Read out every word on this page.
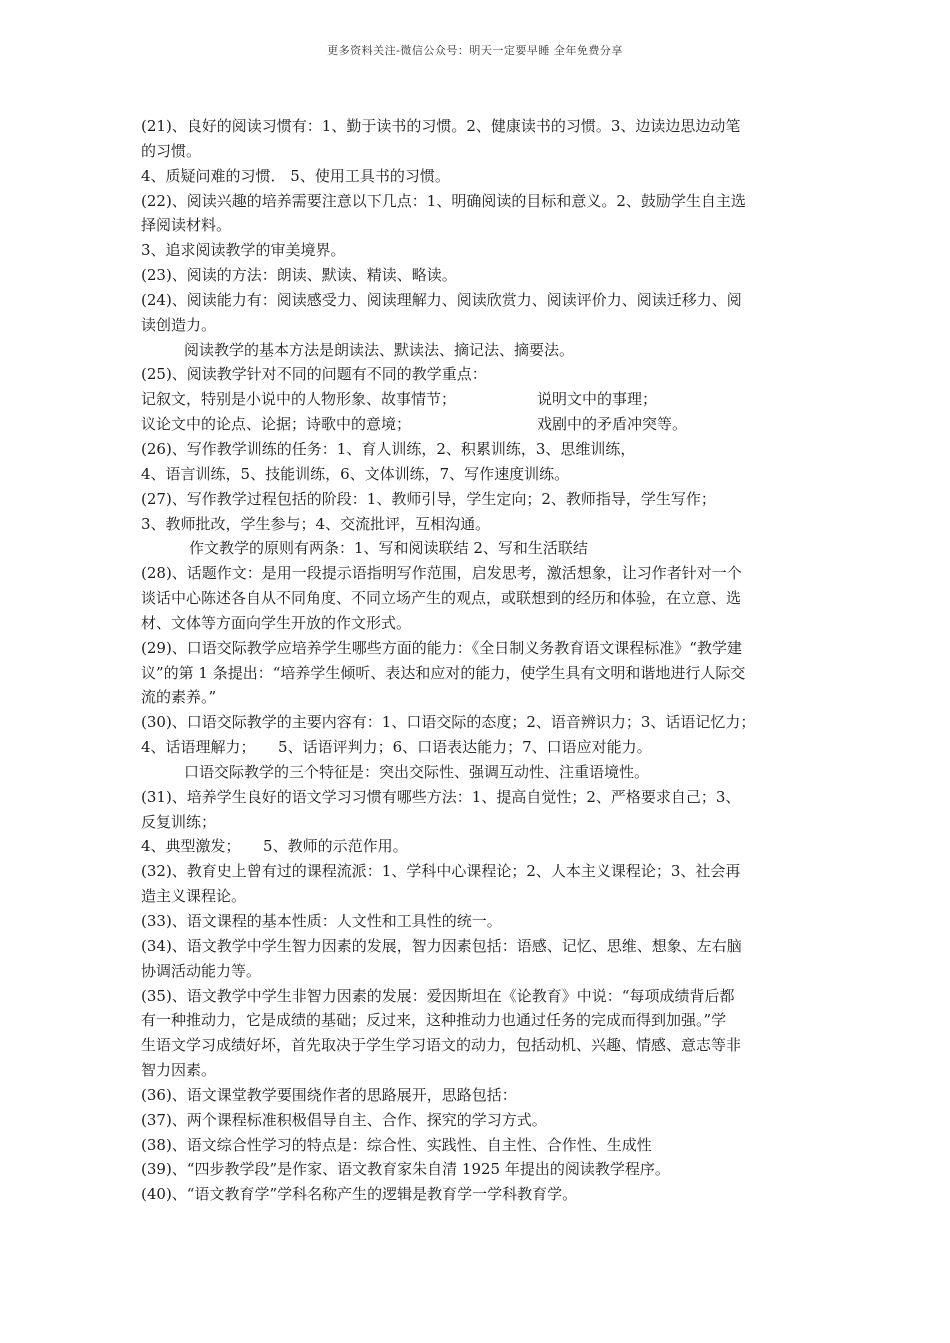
更多资料关注-微信公众号：明天一定要早睡 全年免费分享
(21)、良好的阅读习惯有：1、勤于读书的习惯。2、健康读书的习惯。3、边读边思边动笔
的习惯。
4、质疑问难的习惯． 5、使用工具书的习惯。
(22)、阅读兴趣的培养需要注意以下几点：1、明确阅读的目标和意义。2、鼓励学生自主选
择阅读材料。
3、追求阅读教学的审美境界。
(23)、阅读的方法：朗读、默读、精读、略读。
(24)、阅读能力有：阅读感受力、阅读理解力、阅读欣赏力、阅读评价力、阅读迁移力、阅
读创造力。
阅读教学的基本方法是朗读法、默读法、摘记法、摘要法。
(25)、阅读教学针对不同的问题有不同的教学重点：
记叙文，特别是小说中的人物形象、故事情节；	说明文中的事理；
议论文中的论点、论据；诗歌中的意境；	戏剧中的矛盾冲突等。
(26)、写作教学训练的任务：1、育人训练，2、积累训练，3、思维训练，
4、语言训练，5、技能训练，6、文体训练，7、写作速度训练。
(27)、写作教学过程包括的阶段：1、教师引导，学生定向；2、教师指导，学生写作；
3、教师批改，学生参与；4、交流批评，互相沟通。
作文教学的原则有两条：1、写和阅读联结 2、写和生活联结
(28)、话题作文：是用一段提示语指明写作范围，启发思考，激活想象，让习作者针对一个
谈话中心陈述各自从不同角度、不同立场产生的观点，或联想到的经历和体验，在立意、选
材、文体等方面向学生开放的作文形式。
(29)、口语交际教学应培养学生哪些方面的能力：《全日制义务教育语文课程标准》“教学建
议”的第 1 条提出：“培养学生倾听、表达和应对的能力，使学生具有文明和谐地进行人际交
流的素养。”
(30)、口语交际教学的主要内容有：1、口语交际的态度；2、语音辨识力；3、话语记忆力；
4、话语理解力；　　5、话语评判力；6、口语表达能力；7、口语应对能力。
口语交际教学的三个特征是：突出交际性、强调互动性、注重语境性。
(31)、培养学生良好的语文学习习惯有哪些方法：1、提高自觉性；2、严格要求自己；3、
反复训练；
4、典型激发；　　5、教师的示范作用。
(32)、教育史上曾有过的课程流派：1、学科中心课程论；2、人本主义课程论；3、社会再
造主义课程论。
(33)、语文课程的基本性质：人文性和工具性的统一。
(34)、语文教学中学生智力因素的发展，智力因素包括：语感、记忆、思维、想象、左右脑
协调活动能力等。
(35)、语文教学中学生非智力因素的发展：爱因斯坦在《论教育》中说：“每项成绩背后都
有一种推动力，它是成绩的基础；反过来，这种推动力也通过任务的完成而得到加强。”学
生语文学习成绩好坏，首先取决于学生学习语文的动力，包括动机、兴趣、情感、意志等非
智力因素。
(36)、语文课堂教学要围绕作者的思路展开，思路包括：
(37)、两个课程标准积极倡导自主、合作、探究的学习方式。
(38)、语文综合性学习的特点是：综合性、实践性、自主性、合作性、生成性
(39)、“四步教学段”是作家、语文教育家朱自清 1925 年提出的阅读教学程序。
(40)、“语文教育学”学科名称产生的逻辑是教育学一学科教育学。
